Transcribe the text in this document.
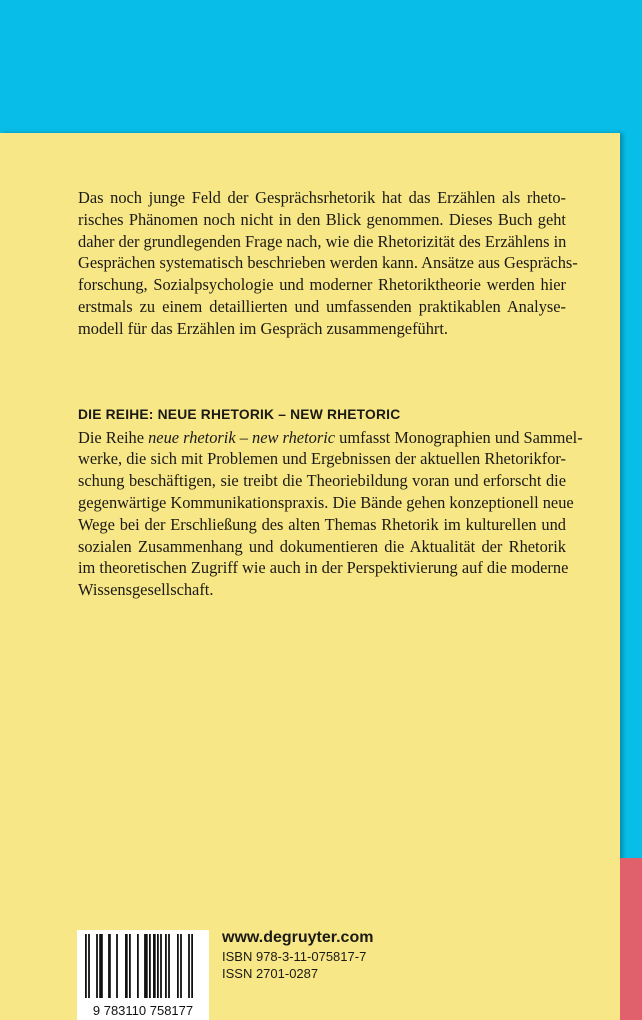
Das noch junge Feld der Gesprächsrhetorik hat das Erzählen als rheto-
risches Phänomen noch nicht in den Blick genommen. Dieses Buch geht
daher der grundlegenden Frage nach, wie die Rhetorizität des Erzählens in
Gesprächen systematisch beschrieben werden kann. Ansätze aus Gesprächs-
forschung, Sozialpsychologie und moderner Rhetoriktheorie werden hier
erstmals zu einem detaillierten und umfassenden praktikablen Analyse-
modell für das Erzählen im Gespräch zusammengeführt.

DIE REIHE: NEUE RHETORIK – NEW RHETORIC

Die Reihe neue rhetorik – new rhetoric umfasst Monographien und Sammel-
werke, die sich mit Problemen und Ergebnissen der aktuellen Rhetorikfor-
schung beschäftigen, sie treibt die Theoriebildung voran und erforscht die
gegenwärtige Kommunikationspraxis. Die Bände gehen konzeptionell neue
Wege bei der Erschließung des alten Themas Rhetorik im kulturellen und
sozialen Zusammenhang und dokumentieren die Aktualität der Rhetorik
im theoretischen Zugriff wie auch in der Perspektivierung auf die moderne
Wissensgesellschaft.

9 783110 758177
www.degruyter.com
ISBN 978-3-11-075817-7
ISSN 2701-0287
